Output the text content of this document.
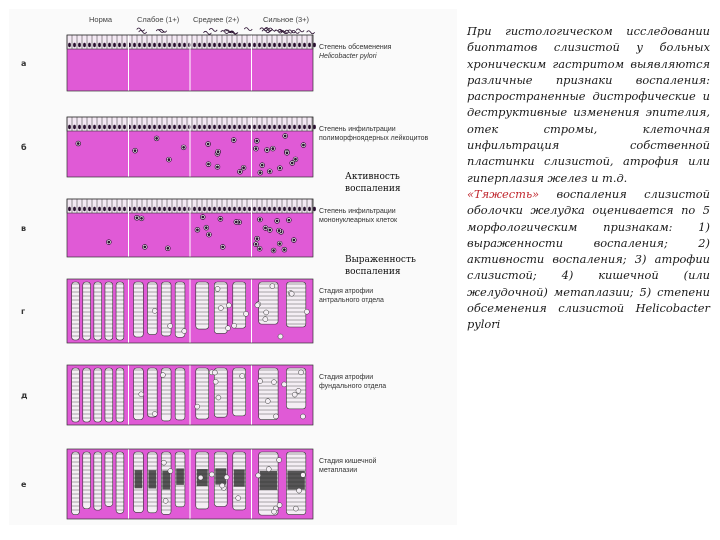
Норма	Слабое (1+) Среднее (2+)	Сильное (3+)
а
б
в
г
д
е
Степень обсеменения
Helicobacter pylori
Степень инфильтрации
полиморфноядерных лейкоцитов
Степень инфильтрации
мононуклеарных клеток
Стадия атрофии
антрального отдела
Стадия атрофии
фундального отдела
Стадия кишечной
метаплазии
Активность
воспаления
Выраженность
воспаления

При гистологическом исследовании биоптатов слизистой у больных хроническим гастритом выявляются различные признаки воспаления: распространенные дистрофические и деструктивные изменения эпителия, отек стромы, клеточная инфильтрация собственной пластинки слизистой, атрофия или гиперплазия желез и т.д.

«Тяжесть» воспаления слизистой оболочки желудка оценивается по 5 морфологическим признакам: 1) выраженности воспаления; 2) активности воспаления; 3) атрофии слизистой; 4) кишечной (или желудочной) метаплазии; 5) степени обсеменения слизистой Helicobacter pylori
